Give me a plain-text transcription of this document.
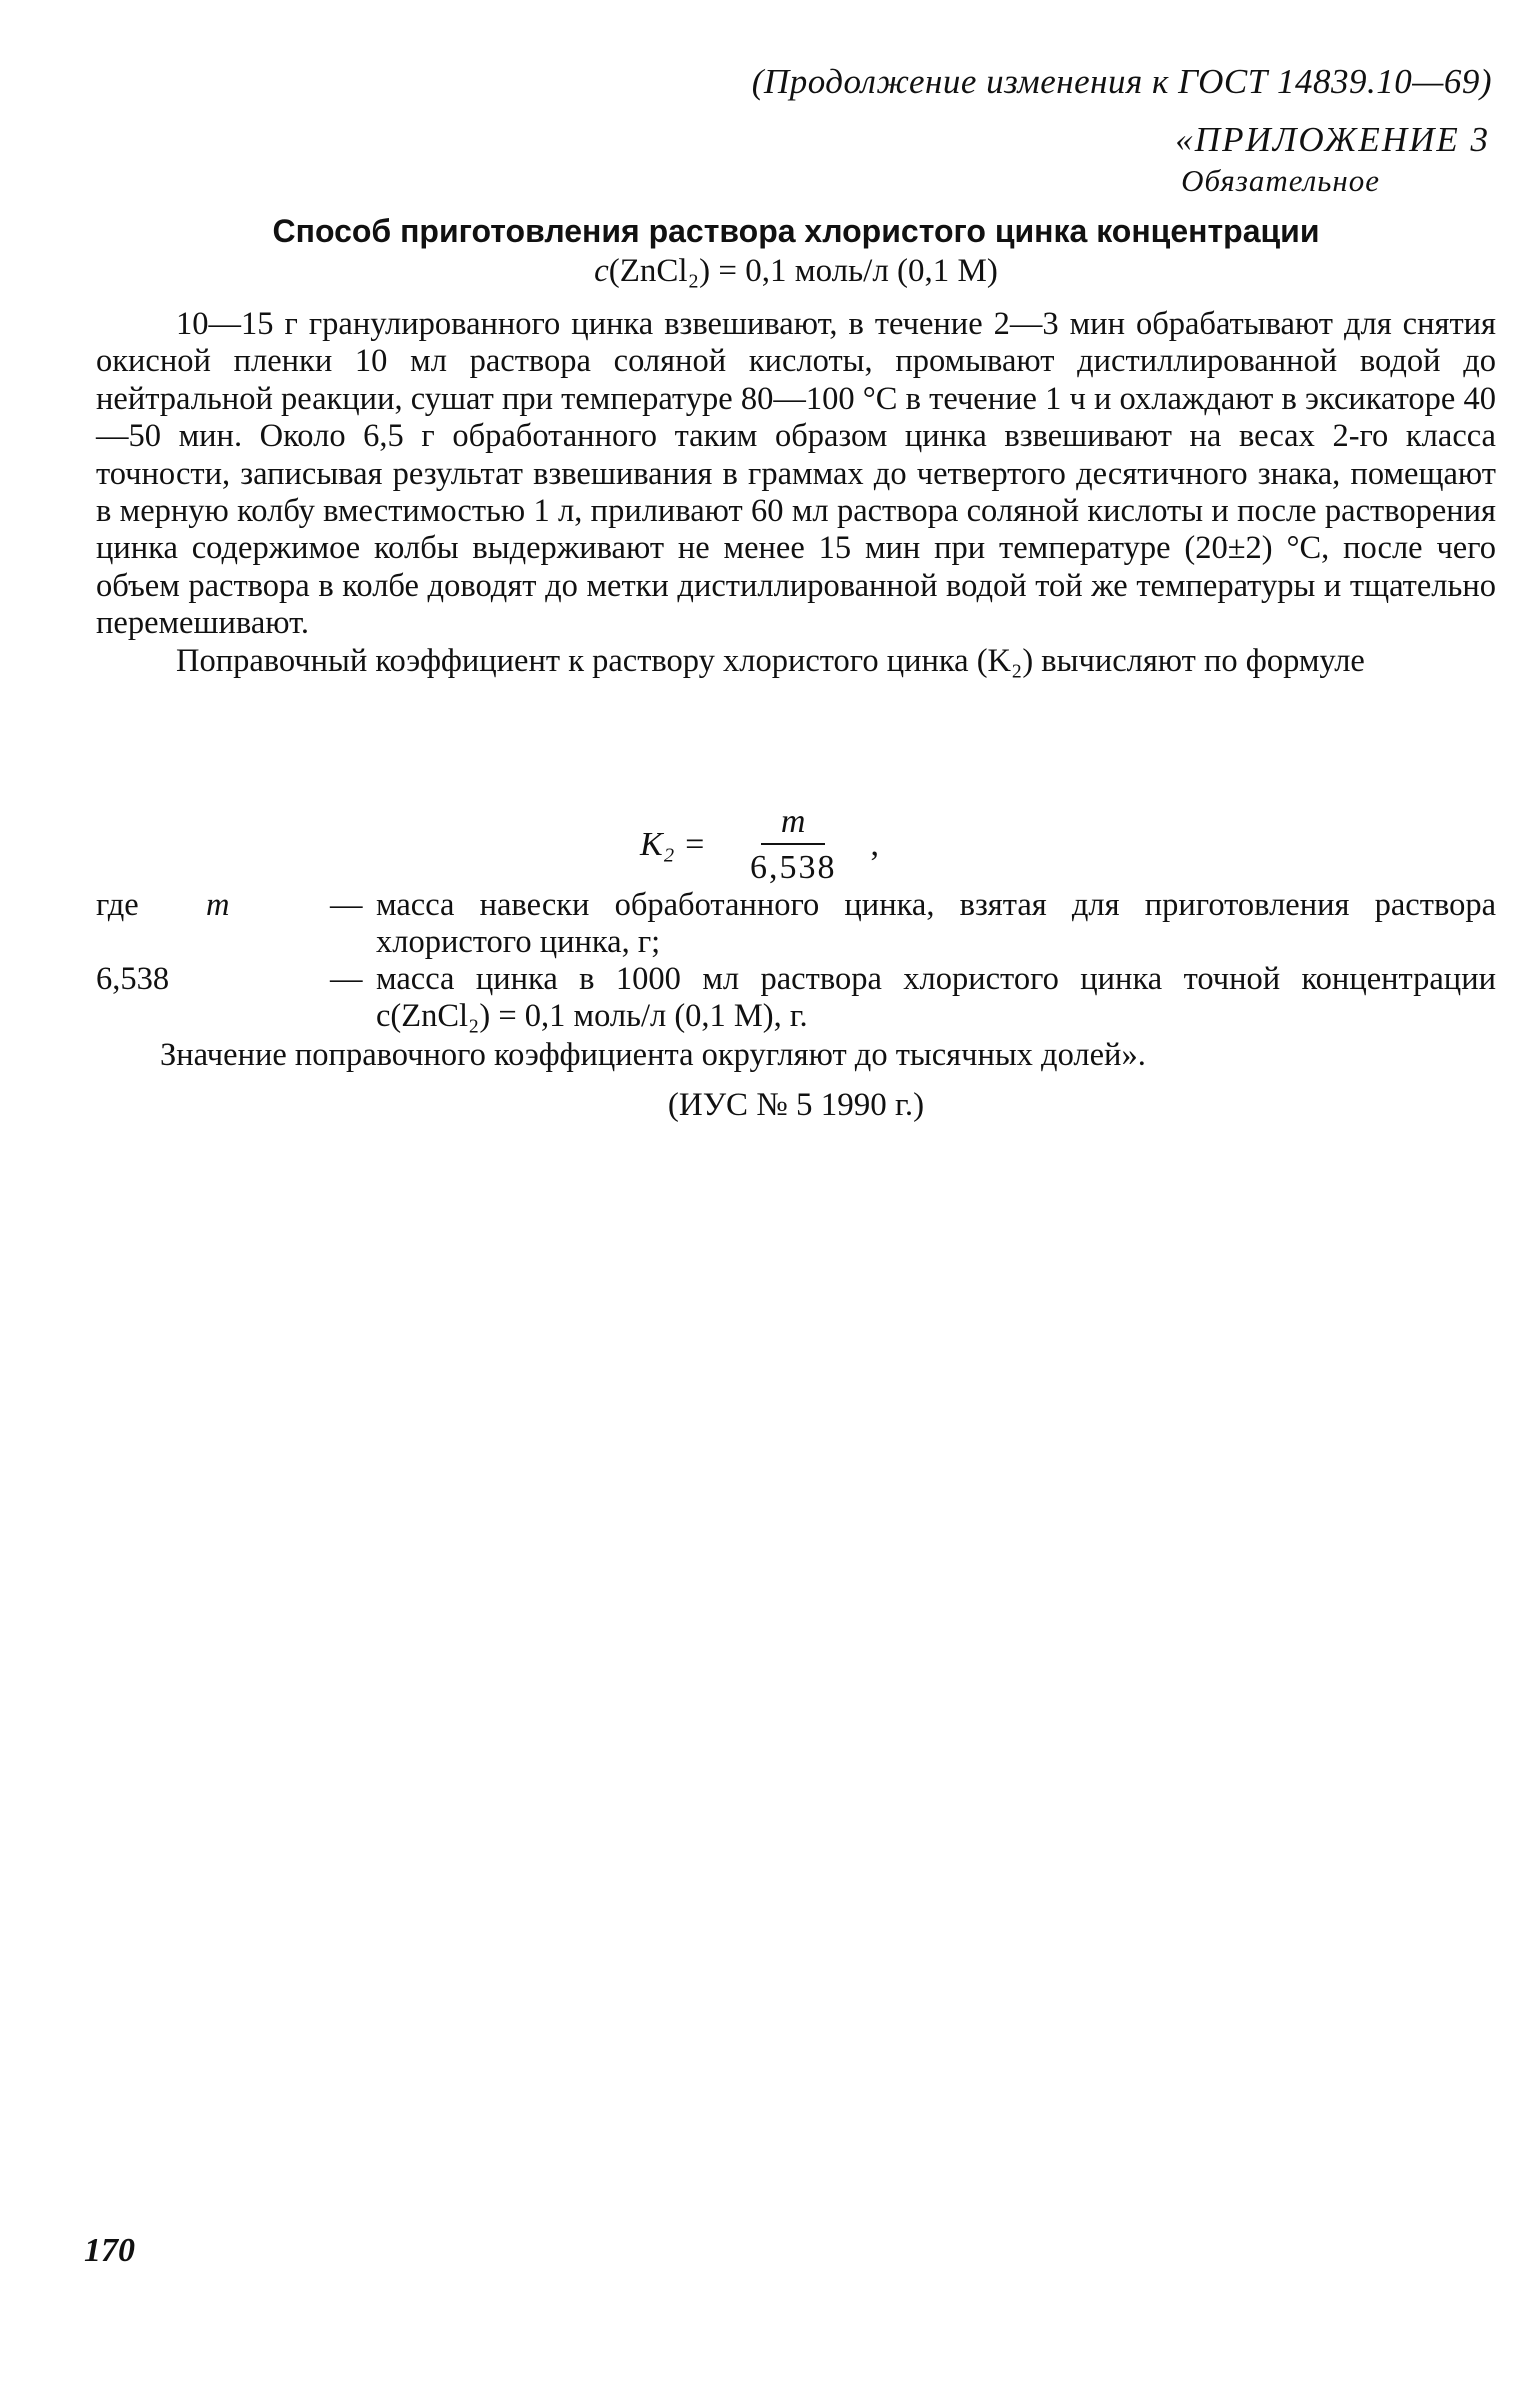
(Продолжение изменения к ГОСТ 14839.10—69)
«ПРИЛОЖЕНИЕ 3
Обязательное
Способ приготовления раствора хлористого цинка концентрации
c(ZnCl₂) = 0,1 моль/л (0,1 М)

10—15 г гранулированного цинка взвешивают, в течение 2—3 мин обрабатывают для снятия окисной пленки 10 мл раствора соляной кислоты, промывают дистиллированной водой до нейтральной реакции, сушат при температуре 80—100 °С в течение 1 ч и охлаждают в эксикаторе 40—50 мин. Около 6,5 г обработанного таким образом цинка взвешивают на весах 2-го класса точности, записывая результат взвешивания в граммах до четвертого десятичного знака, помещают в мерную колбу вместимостью 1 л, приливают 60 мл раствора соляной кислоты и после растворения цинка содержимое колбы выдерживают не менее 15 мин при температуре (20±2) °С, после чего объем раствора в колбе доводят до метки дистиллированной водой той же температуры и тщательно перемешивают.

Поправочный коэффициент к раствору хлористого цинка (K₂) вычисляют по формуле

$K_2 = \frac{m}{6,538}$ ,
где	m	— масса навески обработанного цинка, взятая для приготовления раствора хлористого цинка, г;
6,538	— масса цинка в 1000 мл раствора хлористого цинка точной концентрации c(ZnCl₂) = 0,1 моль/л (0,1 М), г.
Значение поправочного коэффициента округляют до тысячных долей».
(ИУС № 5 1990 г.)
170
